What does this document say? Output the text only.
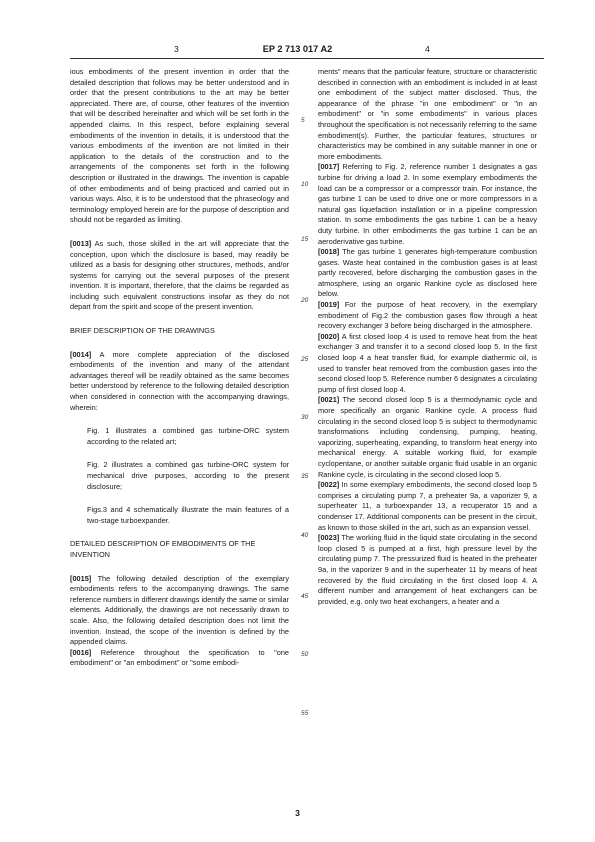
3	EP 2 713 017 A2	4

ious embodiments of the present invention in order that the detailed description that follows may be better understood and in order that the present contributions to the art may be better appreciated. There are, of course, other features of the invention that will be described hereinafter and which will be set forth in the appended claims. In this respect, before explaining several embodiments of the invention in details, it is understood that the various embodiments of the invention are not limited in their application to the details of the construction and to the arrangements of the components set forth in the following description or illustrated in the drawings. The invention is capable of other embodiments and of being practiced and carried out in various ways. Also, it is to be understood that the phraseology and terminology employed herein are for the purpose of description and should not be regarded as limiting.

[0013] As such, those skilled in the art will appreciate that the conception, upon which the disclosure is based, may readily be utilized as a basis for designing other structures, methods, and/or systems for carrying out the several purposes of the present invention. It is important, therefore, that the claims be regarded as including such equivalent constructions insofar as they do not depart from the spirit and scope of the present invention.

BRIEF DESCRIPTION OF THE DRAWINGS

[0014] A more complete appreciation of the disclosed embodiments of the invention and many of the attendant advantages thereof will be readily obtained as the same becomes better understood by reference to the following detailed description when considered in connection with the accompanying drawings, wherein:

Fig. 1 illustrates a combined gas turbine-ORC system according to the related art;
Fig. 2 illustrates a combined gas turbine-ORC system for mechanical drive purposes, according to the present disclosure;
Figs.3 and 4 schematically illustrate the main features of a two-stage turboexpander.
DETAILED DESCRIPTION OF EMBODIMENTS OF THE INVENTION

[0015] The following detailed description of the exemplary embodiments refers to the accompanying drawings. The same reference numbers in different drawings identify the same or similar elements. Additionally, the drawings are not necessarily drawn to scale. Also, the following detailed description does not limit the invention. Instead, the scope of the invention is defined by the appended claims.

[0016] Reference throughout the specification to "one embodiment" or "an embodiment" or "some embodi-

ments" means that the particular feature, structure or characteristic described in connection with an embodiment is included in at least one embodiment of the subject matter disclosed. Thus, the appearance of the phrase "in one embodiment" or "in an embodiment" or "in some embodiments" in various places throughout the specification is not necessarily referring to the same embodiment(s). Further, the particular features, structures or characteristics may be combined in any suitable manner in one or more embodiments.

[0017] Referring to Fig. 2, reference number 1 designates a gas turbine for driving a load 2. In some exemplary embodiments the load can be a compressor or a compressor train. For instance, the gas turbine 1 can be used to drive one or more compressors in a natural gas liquefaction installation or in a pipeline compression station. In some embodiments the gas turbine 1 can be a heavy duty turbine. In other embodiments the gas turbine 1 can be an aeroderivative gas turbine.

[0018] The gas turbine 1 generates high-temperature combustion gases. Waste heat contained in the combustion gases is at least partly recovered, before discharging the combustion gases in the atmosphere, using an organic Rankine cycle as disclosed here below.

[0019] For the purpose of heat recovery, in the exemplary embodiment of Fig.2 the combustion gases flow through a heat recovery exchanger 3 before being discharged in the atmosphere.

[0020] A first closed loop 4 is used to remove heat from the heat exchanger 3 and transfer it to a second closed loop 5. In the first closed loop 4 a heat transfer fluid, for example diathermic oil, is used to transfer heat removed from the combustion gases into the second closed loop 5. Reference number 6 designates a circulating pump of first closed loop 4.

[0021] The second closed loop 5 is a thermodynamic cycle and more specifically an organic Rankine cycle. A process fluid circulating in the second closed loop 5 is subject to thermodynamic transformations including condensing, pumping, heating, vaporizing, superheating, expanding, to transform heat energy into mechanical energy. A suitable working fluid, for example cyclopentane, or another suitable organic fluid usable in an organic Rankine cycle, is circulating in the second closed loop 5.

[0022] In some exemplary embodiments, the second closed loop 5 comprises a circulating pump 7, a preheater 9a, a vaporizer 9, a superheater 11, a turboexpander 13, a recuperator 15 and a condenser 17. Additional components can be present in the circuit, as known to those skilled in the art, such as an expansion vessel.

[0023] The working fluid in the liquid state circulating in the second loop closed 5 is pumped at a first, high pressure level by the circulating pump 7. The pressurized fluid is heated in the preheater 9a, in the vaporizer 9 and in the superheater 11 by means of heat recovered by the fluid circulating in the first closed loop 4. A different number and arrangement of heat exchangers can be provided, e.g. only two heat exchangers, a heater and a

5
10
15
20
25
30
35
40
45
50
55
3
